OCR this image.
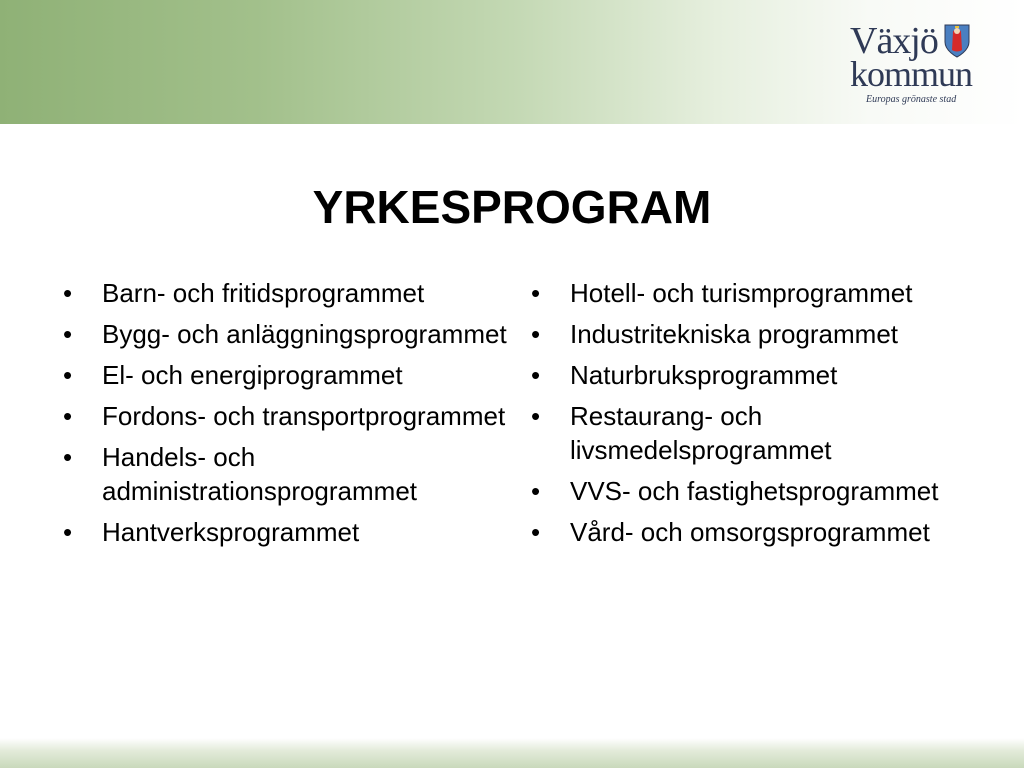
Växjö
kommun
Europas grönaste stad
YRKESPROGRAM
• Barn- och fritidsprogrammet
• Bygg- och anläggningsprogrammet
• El- och energiprogrammet
• Fordons- och transportprogrammet
• Handels- och administrationsprogrammet
• Hantverksprogrammet
• Hotell- och turismprogrammet
• Industritekniska programmet
• Naturbruksprogrammet
• Restaurang- och livsmedelsprogrammet
• VVS- och fastighetsprogrammet
• Vård- och omsorgsprogrammet
